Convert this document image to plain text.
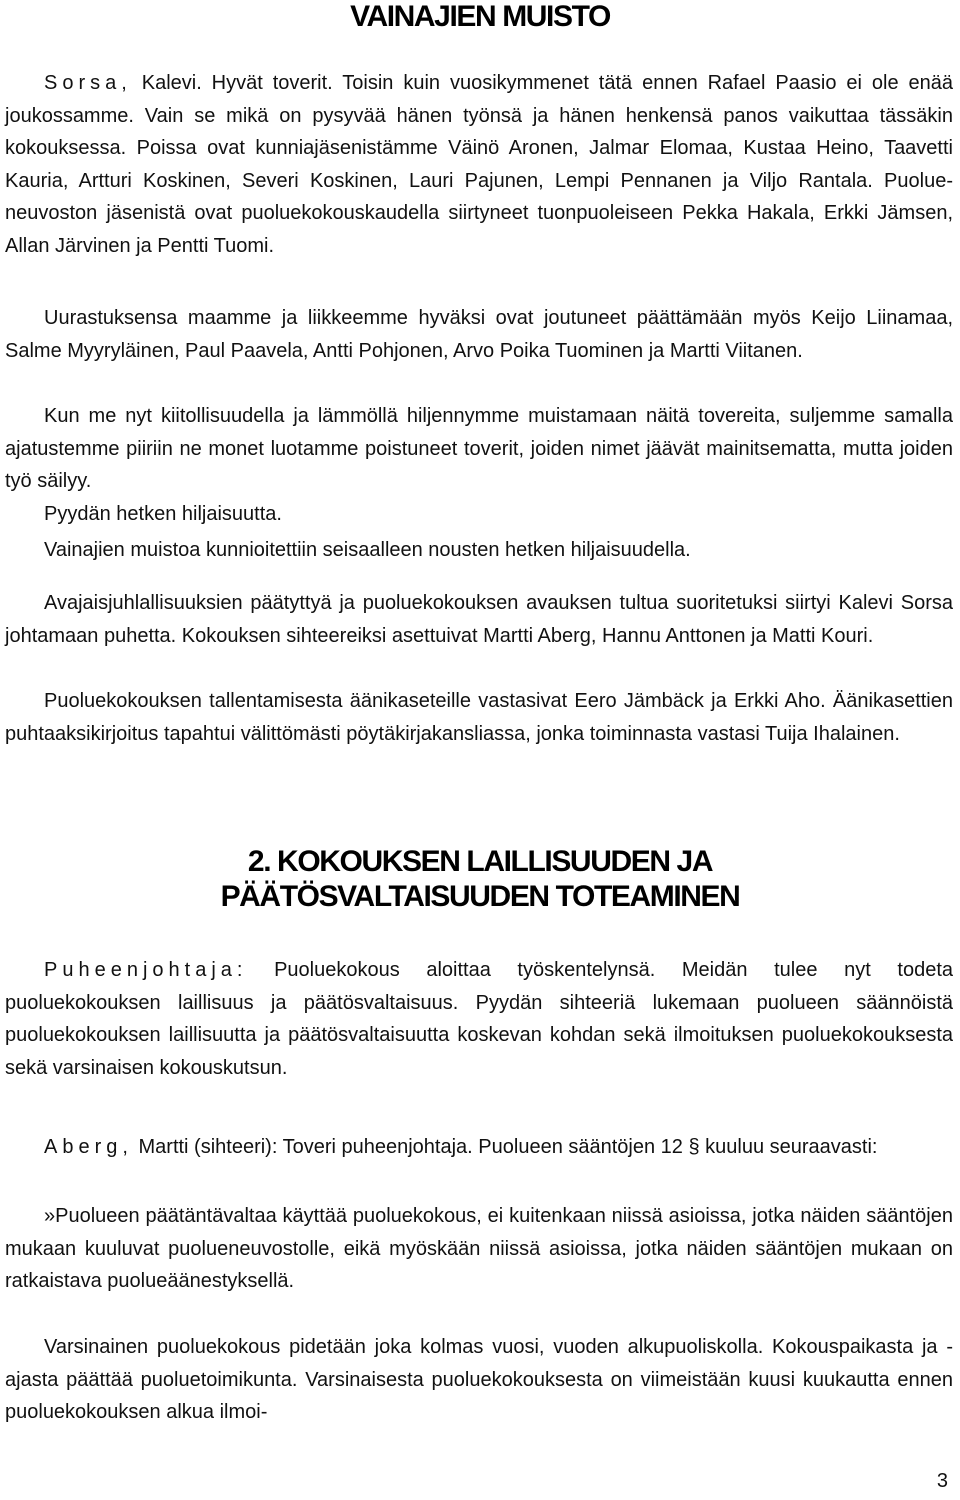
VAINAJIEN MUISTO

Sorsa, Kalevi. Hyvät toverit. Toisin kuin vuosikymmenet tätä ennen Rafael Paasio ei ole enää joukossamme. Vain se mikä on pysyvää hänen työnsä ja hänen henkensä panos vaikuttaa tässäkin kokouksessa. Poissa ovat kunniajäsenistämme Väinö Aronen, Jalmar Elomaa, Kustaa Heino, Taavetti Kauria, Artturi Koskinen, Severi Koskinen, Lauri Pajunen, Lempi Pennanen ja Viljo Rantala. Puolueneuvoston jäsenistä ovat puoluekokouskaudella siirtyneet tuonpuoleiseen Pekka Hakala, Erkki Jämsen, Allan Järvinen ja Pentti Tuomi.

Uurastuksensa maamme ja liikkeemme hyväksi ovat joutuneet päättämään myös Keijo Liinamaa, Salme Myyryläinen, Paul Paavela, Antti Pohjonen, Arvo Poika Tuominen ja Martti Viitanen.

Kun me nyt kiitollisuudella ja lämmöllä hiljennymme muistamaan näitä tovereita, suljemme samalla ajatustemme piiriin ne monet luotamme poistuneet toverit, joiden nimet jäävät mainitsematta, mutta joiden työ säilyy.

Pyydän hetken hiljaisuutta.

Vainajien muistoa kunnioitettiin seisaalleen nousten hetken hiljaisuudella.

Avajaisjuhlallisuuksien päätyttyä ja puoluekokouksen avauksen tultua suoritetuksi siirtyi Kalevi Sorsa johtamaan puhetta. Kokouksen sihteereiksi asettuivat Martti Aberg, Hannu Anttonen ja Matti Kouri.

Puoluekokouksen tallentamisesta äänikaseteille vastasivat Eero Jämbäck ja Erkki Aho. Äänikasettien puhtaaksikirjoitus tapahtui välittömästi pöytäkirjakansliassa, jonka toiminnasta vastasi Tuija Ihalainen.

2. KOKOUKSEN LAILLISUUDEN JA
PÄÄTÖSVALTAISUUDEN TOTEAMINEN

Puheenjohtaja: Puoluekokous aloittaa työskentelynsä. Meidän tulee nyt todeta puoluekokouksen laillisuus ja päätösvaltaisuus. Pyydän sihteeriä lukemaan puolueen säännöistä puoluekokouksen laillisuutta ja päätösvaltaisuutta koskevan kohdan sekä ilmoituksen puoluekokouksesta sekä varsinaisen kokouskutsun.

Aberg, Martti (sihteeri): Toveri puheenjohtaja. Puolueen sääntöjen 12 § kuuluu seuraavasti:

»Puolueen päätäntävaltaa käyttää puoluekokous, ei kuitenkaan niissä asioissa, jotka näiden sääntöjen mukaan kuuluvat puolueneuvostolle, eikä myöskään niissä asioissa, jotka näiden sääntöjen mukaan on ratkaistava puolueäänestyksellä.

Varsinainen puoluekokous pidetään joka kolmas vuosi, vuoden alkupuoliskolla. Kokouspaikasta ja -ajasta päättää puoluetoimikunta. Varsinaisesta puoluekokouksesta on viimeistään kuusi kuukautta ennen puoluekokouksen alkua ilmoi-

3
